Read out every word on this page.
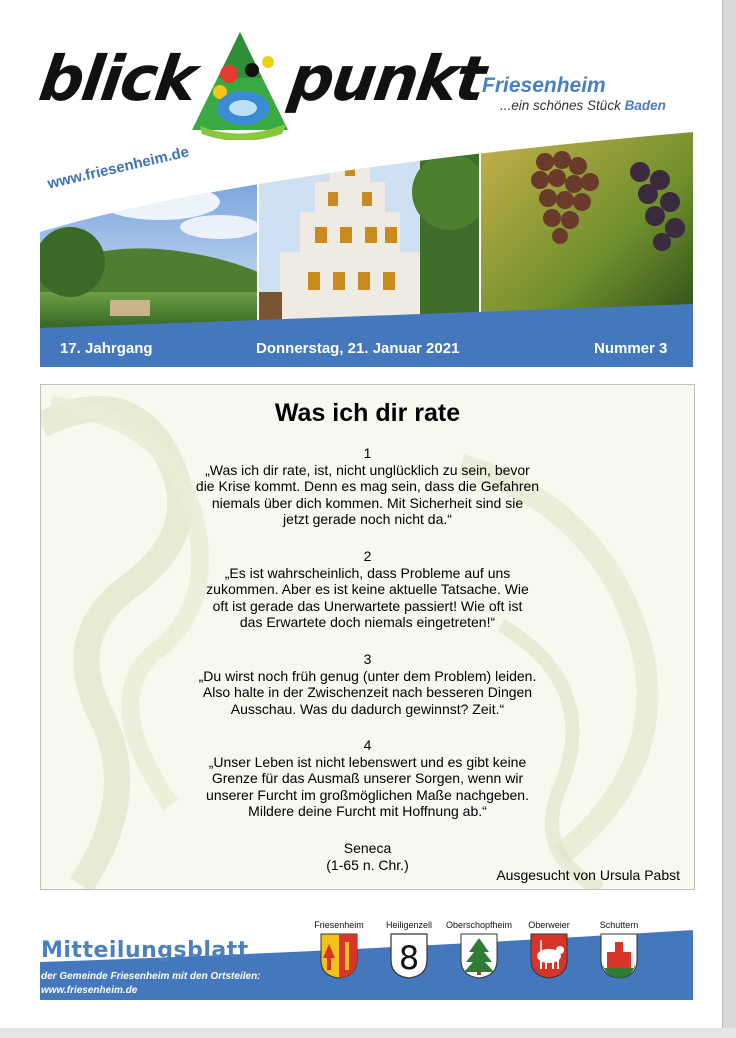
blick punkt
Friesenheim
...ein schönes Stück Baden
www.friesenheim.de
17. Jahrgang	Donnerstag, 21. Januar 2021	Nummer 3
Was ich dir rate
1
„Was ich dir rate, ist, nicht unglücklich zu sein, bevor
die Krise kommt. Denn es mag sein, dass die Gefahren
niemals über dich kommen. Mit Sicherheit sind sie
jetzt gerade noch nicht da.“
2
„Es ist wahrscheinlich, dass Probleme auf uns
zukommen. Aber es ist keine aktuelle Tatsache. Wie
oft ist gerade das Unerwartete passiert! Wie oft ist
das Erwartete doch niemals eingetreten!“
3
„Du wirst noch früh genug (unter dem Problem) leiden.
Also halte in der Zwischenzeit nach besseren Dingen
Ausschau. Was du dadurch gewinnst? Zeit.“
4
„Unser Leben ist nicht lebenswert und es gibt keine
Grenze für das Ausmaß unserer Sorgen, wenn wir
unserer Furcht im großmöglichen Maße nachgeben.
Mildere deine Furcht mit Hoffnung ab.“
Seneca
(1-65 n. Chr.)
Ausgesucht von Ursula Pabst
Mitteilungsblatt
der Gemeinde Friesenheim mit den Ortsteilen:
www.friesenheim.de
Friesenheim	Heiligenzell
8
Oberschopfheim	Oberweier	Schuttern
